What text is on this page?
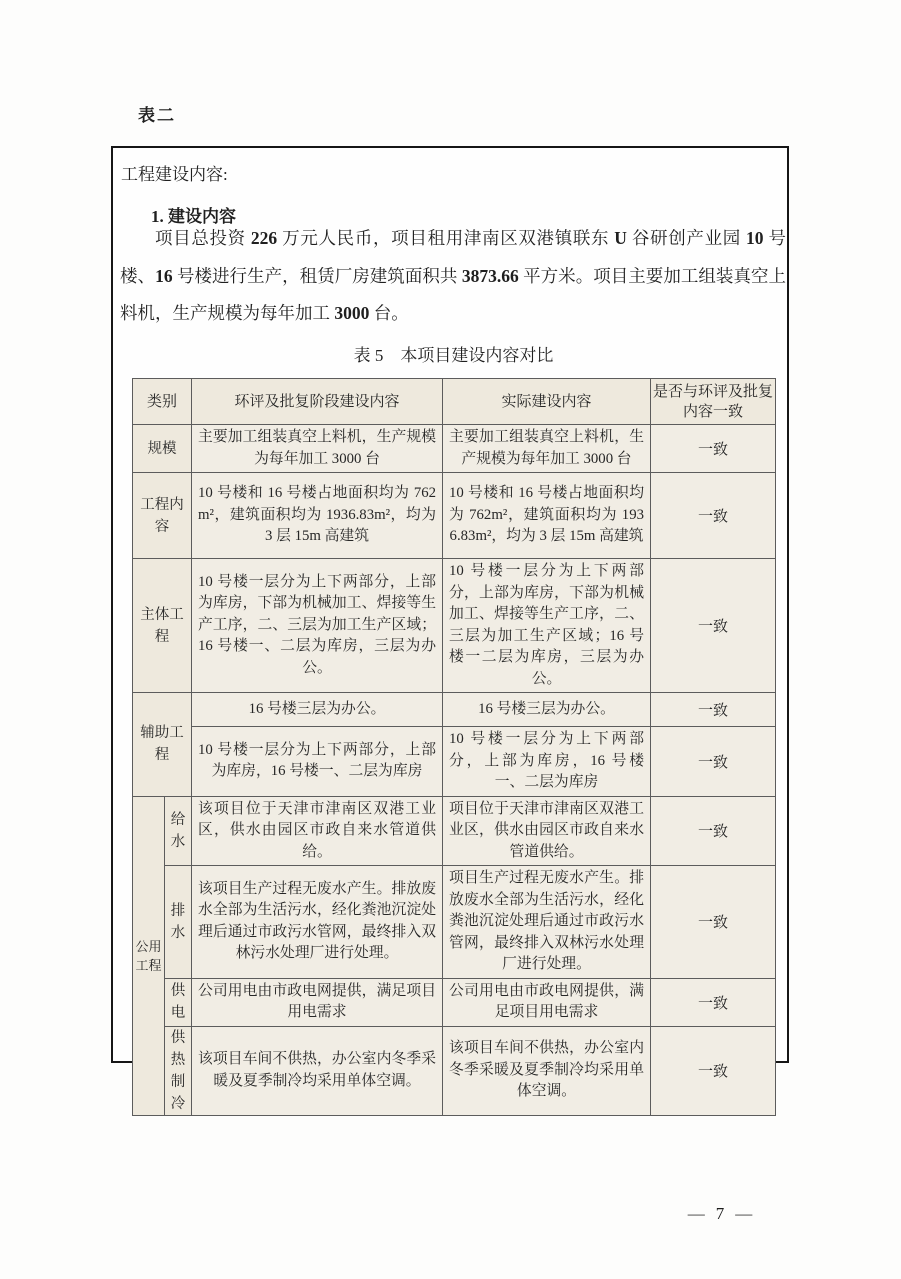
表二
工程建设内容:
1. 建设内容
项目总投资 226 万元人民币，项目租用津南区双港镇联东 U 谷研创产业园 10 号楼、16 号楼进行生产，租赁厂房建筑面积共 3873.66 平方米。项目主要加工组装真空上料机，生产规模为每年加工 3000 台。
表 5　本项目建设内容对比
类别		环评及批复阶段建设内容	实际建设内容	是否与环评及批复内容一致
规模		主要加工组装真空上料机，生产规模为每年加工 3000 台	主要加工组装真空上料机，生产规模为每年加工 3000 台	一致
工程内容		10 号楼和 16 号楼占地面积均为 762m²，建筑面积均为 1936.83m²，均为 3 层 15m 高建筑	10 号楼和 16 号楼占地面积均为 762m²，建筑面积均为 1936.83m²，均为 3 层 15m 高建筑	一致
主体工程		10 号楼一层分为上下两部分，上部为库房，下部为机械加工、焊接等生产工序，二、三层为加工生产区域；16 号楼一、二层为库房，三层为办公。	10 号楼一层分为上下两部分，上部为库房，下部为机械加工、焊接等生产工序，二、三层为加工生产区域；16 号楼一二层为库房，三层为办公。	一致
辅助工程		16 号楼三层为办公。	16 号楼三层为办公。	一致
		10 号楼一层分为上下两部分，上部为库房，16 号楼一、二层为库房	10 号楼一层分为上下两部分，上部为库房，16 号楼一、二层为库房	一致
公用工程	给水	该项目位于天津市津南区双港工业区，供水由园区市政自来水管道供给。	项目位于天津市津南区双港工业区，供水由园区市政自来水管道供给。	一致
	排水	该项目生产过程无废水产生。排放废水全部为生活污水，经化粪池沉淀处理后通过市政污水管网，最终排入双林污水处理厂进行处理。	项目生产过程无废水产生。排放废水全部为生活污水，经化粪池沉淀处理后通过市政污水管网，最终排入双林污水处理厂进行处理。	一致
	供电	公司用电由市政电网提供，满足项目用电需求	公司用电由市政电网提供，满足项目用电需求	一致
	供热制冷	该项目车间不供热，办公室内冬季采暖及夏季制冷均采用单体空调。	该项目车间不供热，办公室内冬季采暖及夏季制冷均采用单体空调。	一致
— 7 —
